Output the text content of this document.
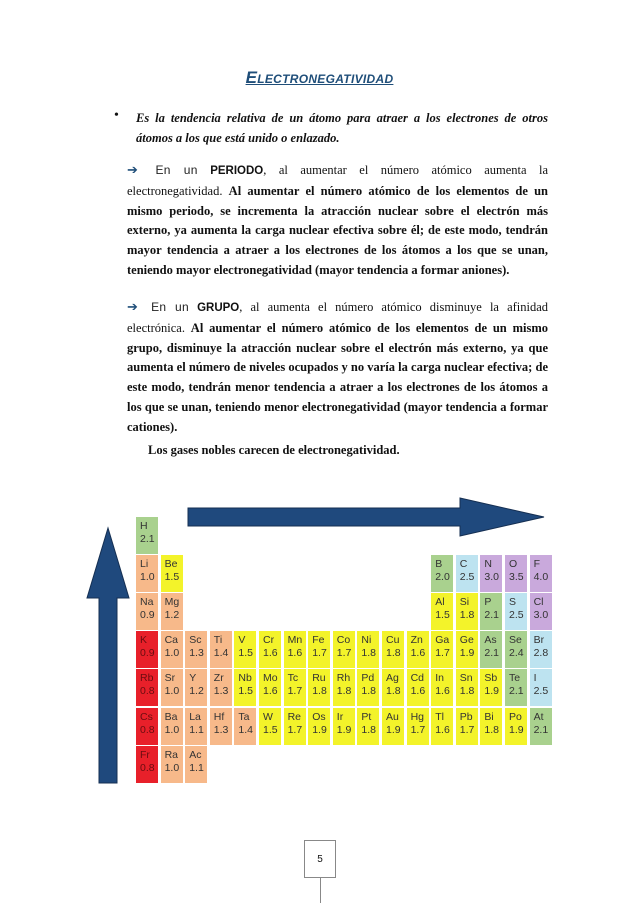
Electronegatividad
• Es la tendencia relativa de un átomo para atraer a los electrones de otros átomos a los que está unido o enlazado.
➔ En un PERIODO, al aumentar el número atómico aumenta la electronegatividad. Al aumentar el número atómico de los elementos de un mismo periodo, se incrementa la atracción nuclear sobre el electrón más externo, ya aumenta la carga nuclear efectiva sobre él; de este modo, tendrán mayor tendencia a atraer a los electrones de los átomos a los que se unan, teniendo mayor electronegatividad (mayor tendencia a formar aniones).
➔ En un GRUPO, al aumenta el número atómico disminuye la afinidad electrónica. Al aumentar el número atómico de los elementos de un mismo grupo, disminuye la atracción nuclear sobre el electrón más externo, ya que aumenta el número de niveles ocupados y no varía la carga nuclear efectiva; de este modo, tendrán menor tendencia a atraer a los electrones de los átomos a los que se unan, teniendo menor electronegatividad (mayor tendencia a formar cationes).
Los gases nobles carecen de electronegatividad.
H
2.1
Li
1.0
Be
1.5
B
2.0
C
2.5
N
3.0
O
3.5
F
4.0
Na
0.9
Mg
1.2
Al
1.5
Si
1.8
P
2.1
S
2.5
Cl
3.0
K
0.9
Ca
1.0
Sc
1.3
Ti
1.4
V
1.5
Cr
1.6
Mn
1.6
Fe
1.7
Co
1.7
Ni
1.8
Cu
1.8
Zn
1.6
Ga
1.7
Ge
1.9
As
2.1
Se
2.4
Br
2.8
Rb
0.8
Sr
1.0
Y
1.2
Zr
1.3
Nb
1.5
Mo
1.6
Tc
1.7
Ru
1.8
Rh
1.8
Pd
1.8
Ag
1.8
Cd
1.6
In
1.6
Sn
1.8
Sb
1.9
Te
2.1
I
2.5
Cs
0.8
Ba
1.0
La
1.1
Hf
1.3
Ta
1.4
W
1.5
Re
1.7
Os
1.9
Ir
1.9
Pt
1.8
Au
1.9
Hg
1.7
Tl
1.6
Pb
1.7
Bi
1.8
Po
1.9
At
2.1
Fr
0.8
Ra
1.0
Ac
1.1
5
